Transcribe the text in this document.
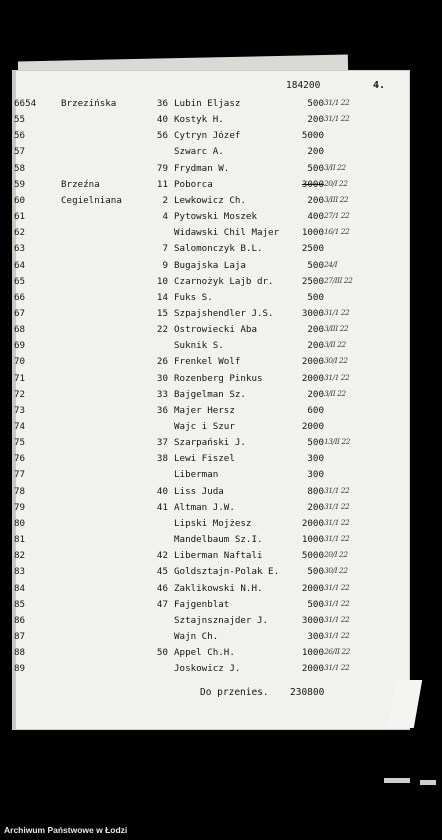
184200	4.
6654	Brzezińska	36 Lubin Eljasz	500 31/1 22
55	40 Kostyk H.	200 31/1 22
56	56 Cytryn Józef	5000
57	Szwarc A.	200
58	79 Frydman W.	500 3/II 22
59	Brzeźna	11 Poborca	3000 20/I 22
60	Cegielniana	2 Lewkowicz Ch.	200 3/III 22
61	4 Pytowski Moszek	400 27/1 22
62	Widawski Chil Majer	1000 16/1 22
63	7 Salomonczyk B.L.	2500
64	9 Bugajska Laja	500 24/I
65	10 Czarnożyk Lajb dr.	2500 27/III 22
66	14 Fuks S.	500
67	15 Szpajshendler J.S.	3000 31/1 22
68	22 Ostrowiecki Aba	200 3/III 22
69	Suknik S.	200 3/II 22
70	26 Frenkel Wolf	2000 30/I 22
71	30 Rozenberg Pinkus	2000 31/1 22
72	33 Bajgelman Sz.	200 3/II 22
73	36 Majer Hersz	600
74	Wajc i Szur	2000
75	37 Szarpański J.	500 13/II 22
76	38 Lewi Fiszel	300
77	Liberman	300
78	40 Liss Juda	800 31/1 22
79	41 Altman J.W.	200 31/1 22
80	Lipski Mojżesz	2000 31/1 22
81	Mandelbaum Sz.I.	1000 31/1 22
82	42 Liberman Naftali	5000 20/I 22
83	45 Goldsztajn-Polak E.	500 30/I 22
84	46 Zaklikowski N.H.	2000 31/1 22
85	47 Fajgenblat	500 31/1 22
86	Sztajnsznajder J.	3000 31/1 22
87	Wajn Ch.	300 31/1 22
88	50 Appel Ch.H.	1000 26/II 22
89	Joskowicz J.	2000 31/1 22
Do przenies. 230800
Archiwum Państwowe w Łodzi
